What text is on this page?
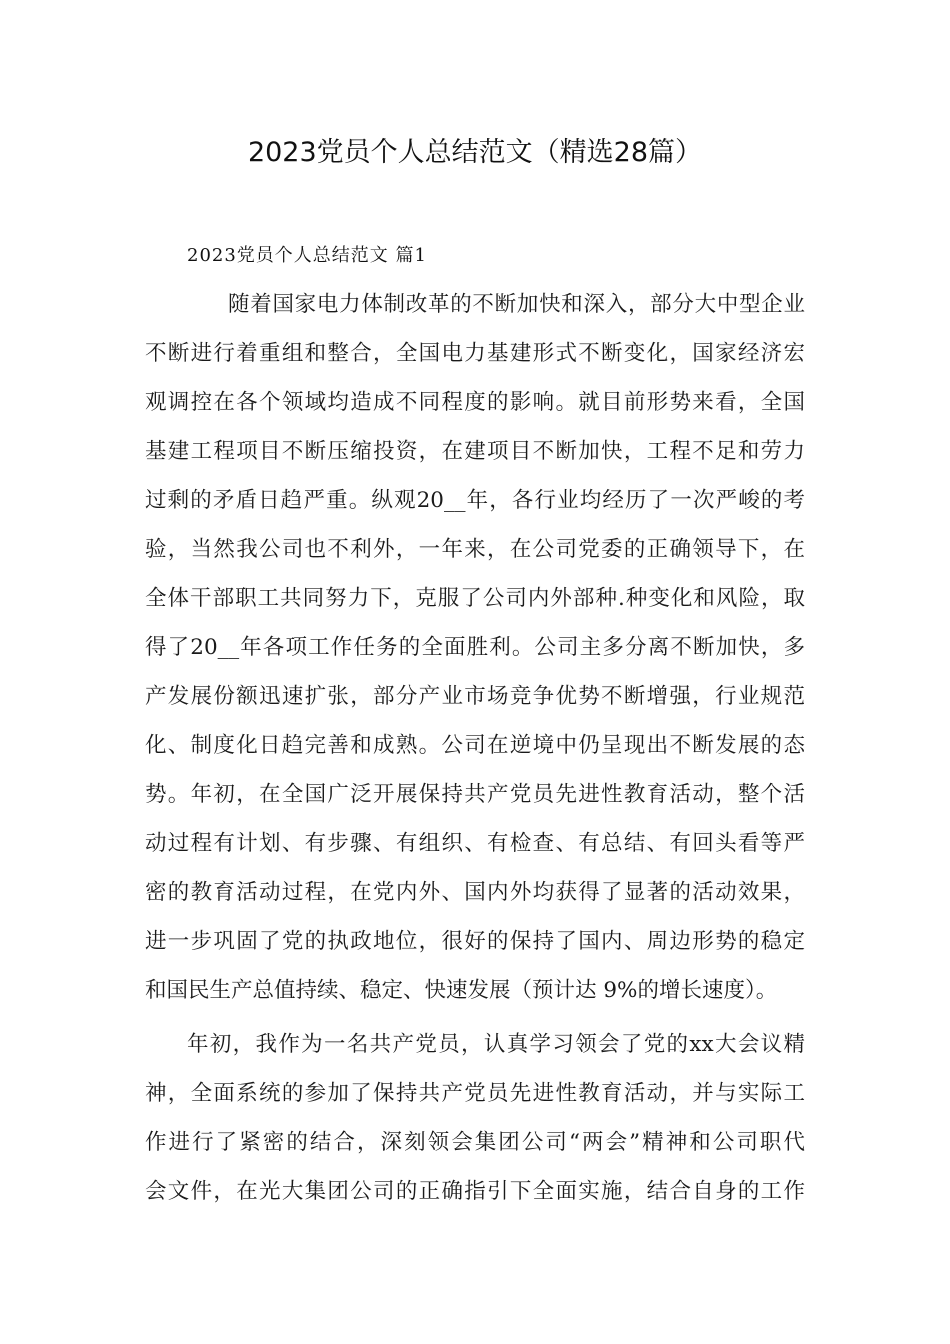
2023党员个人总结范文（精选28篇）
2023党员个人总结范文 篇1
随着国家电力体制改革的不断加快和深入，部分大中型企业
不断进行着重组和整合，全国电力基建形式不断变化，国家经济宏
观调控在各个领域均造成不同程度的影响。就目前形势来看，全国
基建工程项目不断压缩投资，在建项目不断加快，工程不足和劳力
过剩的矛盾日趋严重。纵观20__年，各行业均经历了一次严峻的考
验，当然我公司也不利外，一年来，在公司党委的正确领导下，在
全体干部职工共同努力下，克服了公司内外部种.种变化和风险，取
得了20__年各项工作任务的全面胜利。公司主多分离不断加快，多
产发展份额迅速扩张，部分产业市场竞争优势不断增强，行业规范
化、制度化日趋完善和成熟。公司在逆境中仍呈现出不断发展的态
势。年初，在全国广泛开展保持共产党员先进性教育活动，整个活
动过程有计划、有步骤、有组织、有检查、有总结、有回头看等严
密的教育活动过程，在党内外、国内外均获得了显著的活动效果，
进一步巩固了党的执政地位，很好的保持了国内、周边形势的稳定
和国民生产总值持续、稳定、快速发展（预计达 9%的增长速度）。
年初，我作为一名共产党员，认真学习领会了党的xx大会议精
神，全面系统的参加了保持共产党员先进性教育活动，并与实际工
作进行了紧密的结合，深刻领会集团公司“两会”精神和公司职代
会文件，在光大集团公司的正确指引下全面实施，结合自身的工作
